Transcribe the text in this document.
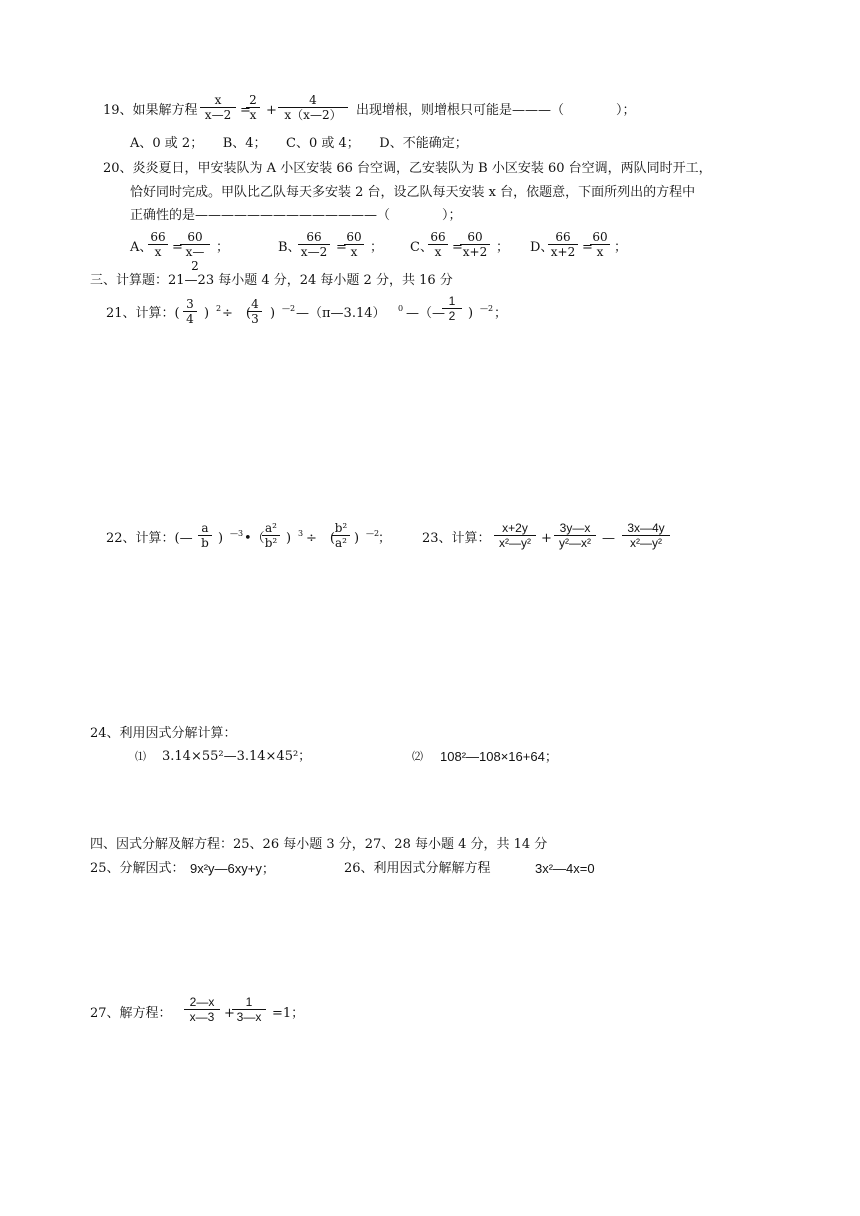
19、如果解方程 $\frac{x}{x—2}$ =
$\frac{2}{x} + \frac{4}{x(x—2)}$ 出现增根，则增根只可能是———（　　　　）；
A、0 或 2；　　B、4；　　C、0 或 4；　　D、不能确定；
20、炎炎夏日，甲安装队为 A 小区安装 66 台空调，乙安装队为 B 小区安装 60 台空调，两队同时开工，
恰好同时完成。甲队比乙队每天多安装 2 台，设乙队每天安装 x 台，依题意，下面所列出的方程中
正确性的是——————————————（　　　　）；
A、
$\frac{66}{x}$ =
$\frac{60}{x—2}$ ；	B、
$\frac{66}{x—2}$ =
$\frac{60}{x}$ ； C、
$\frac{66}{x}$ =
$\frac{60}{x+2}$ ； D、
$\frac{66}{x+2}$ =
$\frac{60}{x}$ ；
三、计算题：21—23 每小题 4 分，24 每小题 2 分，共 16 分
21、计算：( $\frac{3}{4}$ ) 2 ÷　(
$\frac{4}{3}$ ) —2 —（π—3.14） 0 —（—
$\frac{1}{2}$ ) —2 ；
22、计算：(— $\frac{a}{b}$ ) —3 •（
$\frac{\text{a²}}{\text{b²}}$ ) 3 ÷　(
$\frac{\text{b²}}{\text{a²}}$ ) —2
； 23、计算： $\frac{x+2y}{\text{x²—y²}} + \frac{3y—x}{\text{y²—x²}}$ — $\frac{3x—4y}{\text{x²—y²}}$
24、利用因式分解计算：
⑴ 3.14×55²—3.14×45²；	⑵ 108²—108×16+64；
四、因式分解及解方程：25、26 每小题 3 分，27、28 每小题 4 分，共 14 分
25、分解因式： 9x²y—6xy+y；	26、利用因式分解解方程	3x²—4x=0
27、解方程： $\frac{2—x}{x—3}$ +
$\frac{1}{3—x} =1$；
